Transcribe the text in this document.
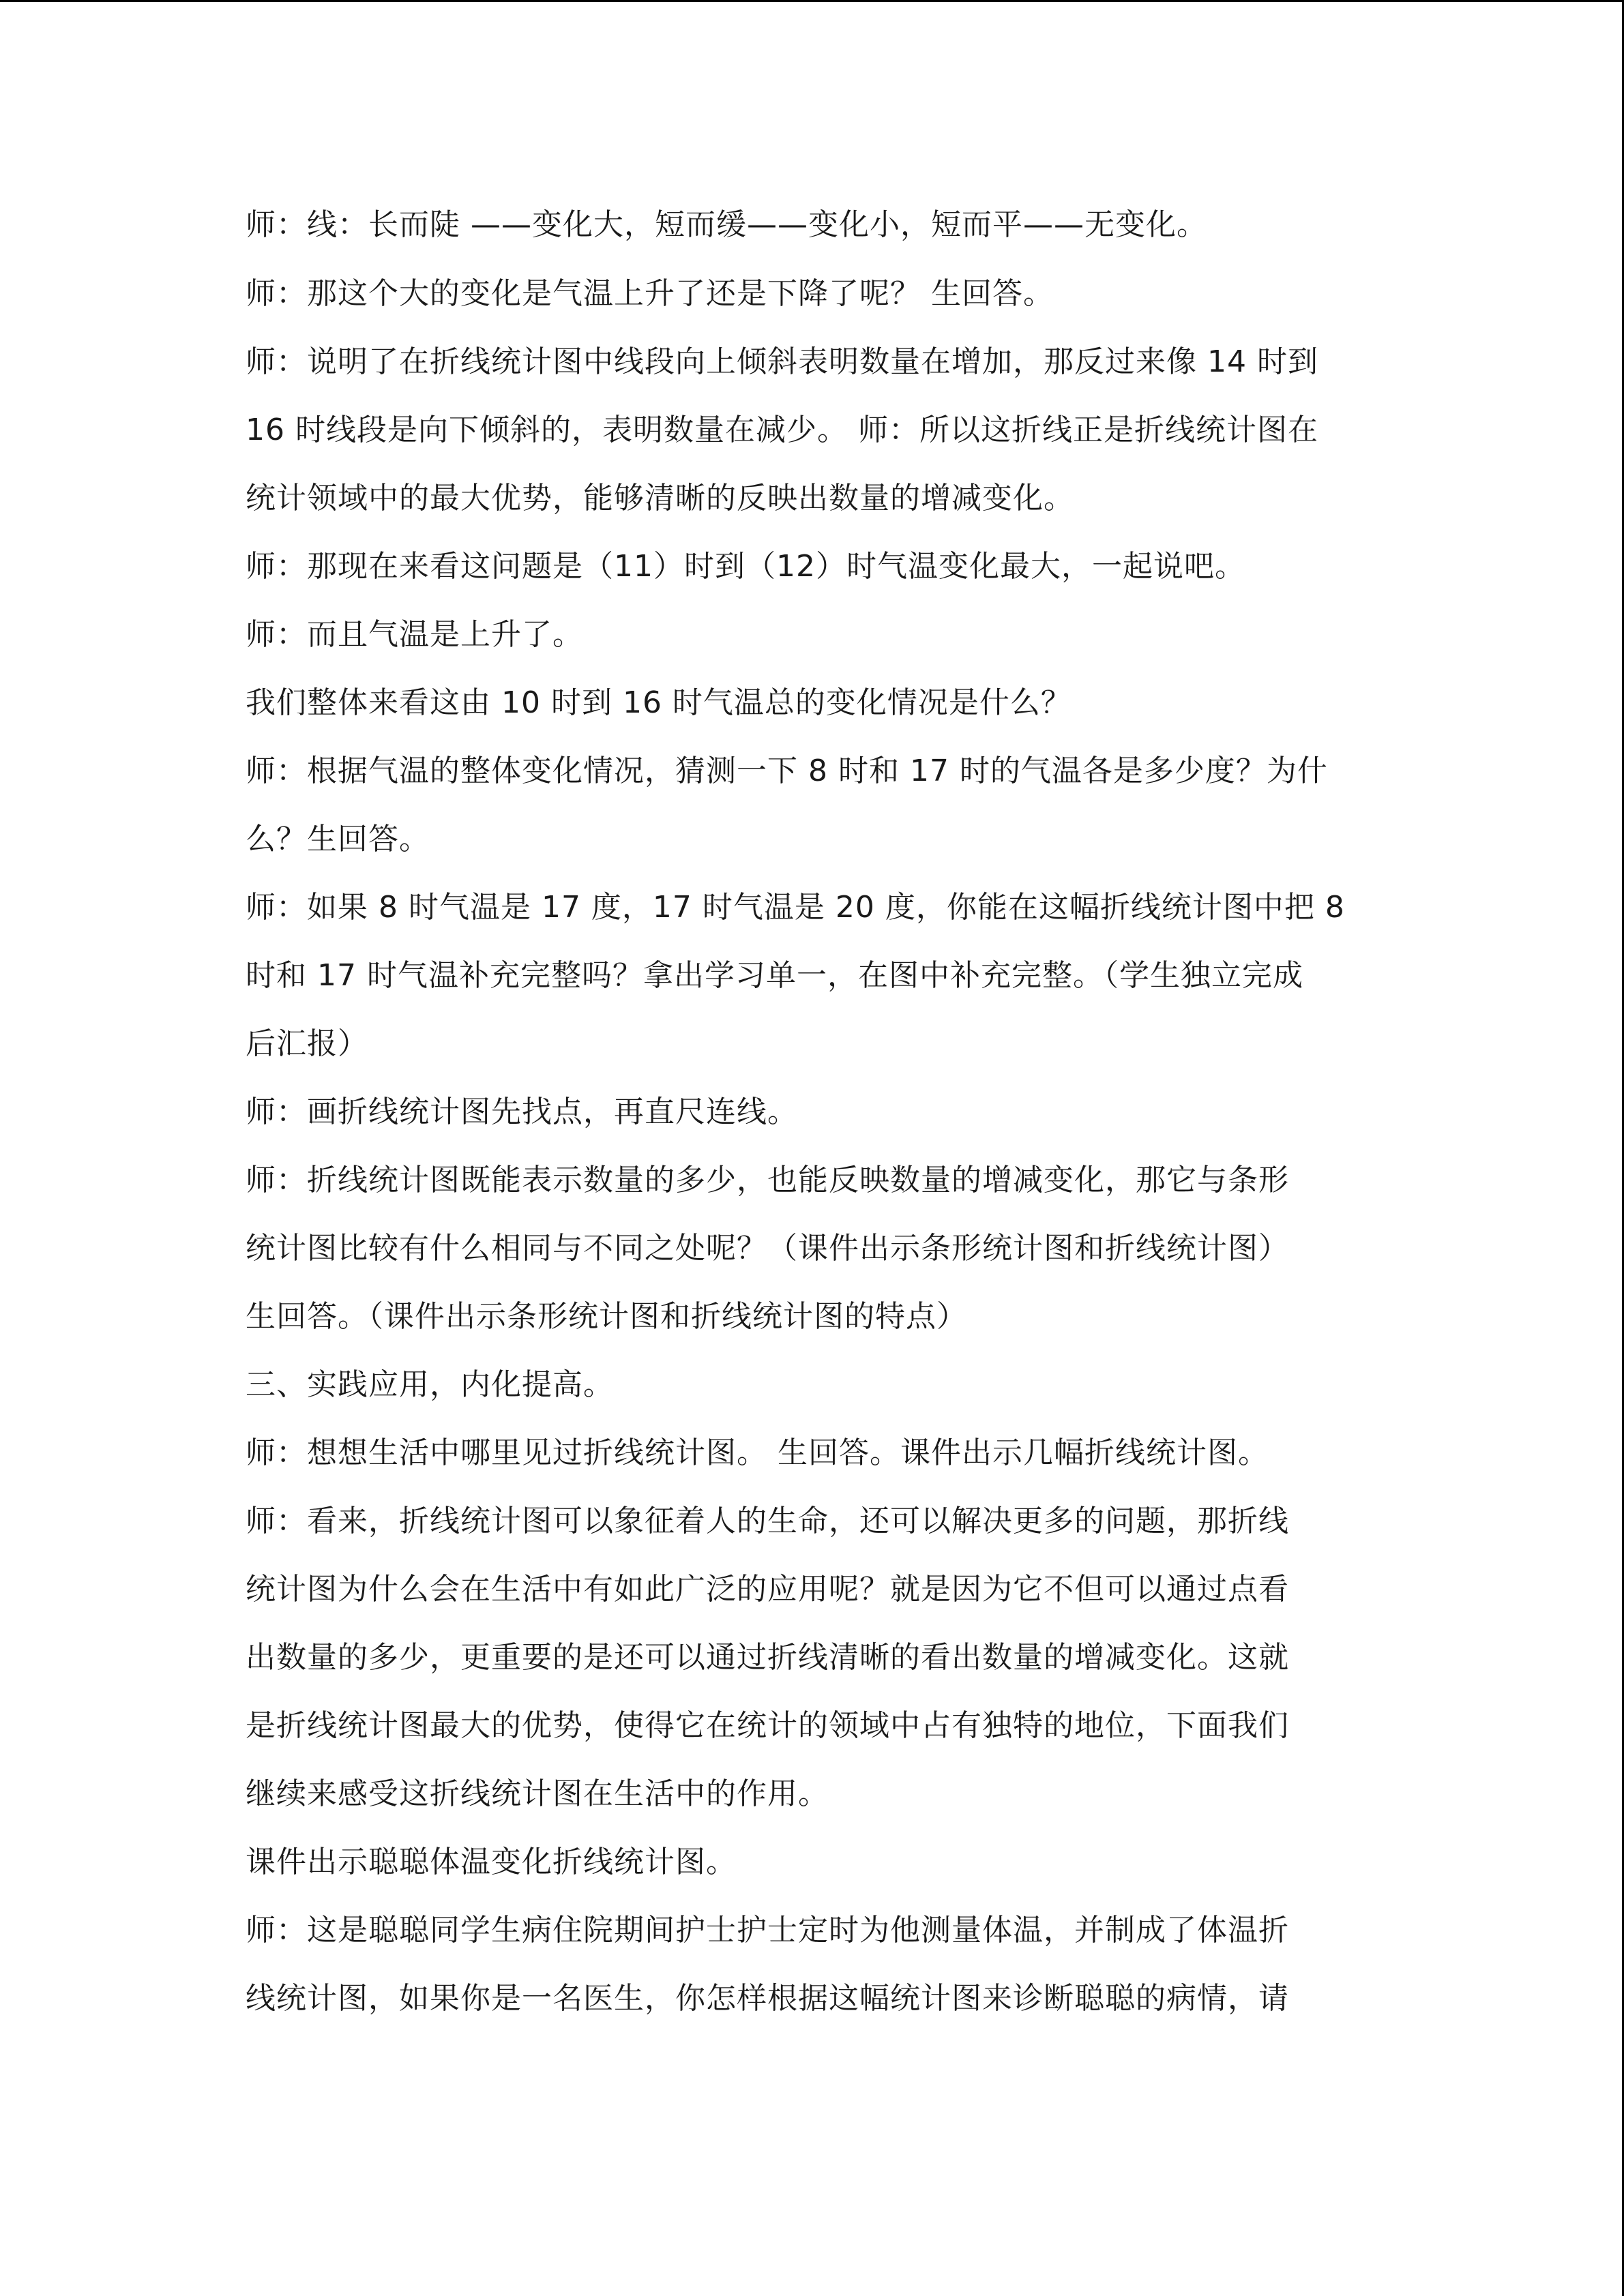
师：线：长而陡 ——变化大，短而缓——变化小，短而平——无变化。
师：那这个大的变化是气温上升了还是下降了呢？ 生回答。
师：说明了在折线统计图中线段向上倾斜表明数量在增加，那反过来像 14 时到
16 时线段是向下倾斜的，表明数量在减少。 师：所以这折线正是折线统计图在
统计领域中的最大优势，能够清晰的反映出数量的增减变化。
师：那现在来看这问题是（11）时到（12）时气温变化最大，一起说吧。
师：而且气温是上升了。
我们整体来看这由 10 时到 16 时气温总的变化情况是什么？
师：根据气温的整体变化情况，猜测一下 8 时和 17 时的气温各是多少度？为什
么？生回答。
师：如果 8 时气温是 17 度，17 时气温是 20 度，你能在这幅折线统计图中把 8
时和 17 时气温补充完整吗？拿出学习单一，在图中补充完整。（学生独立完成
后汇报）
师：画折线统计图先找点，再直尺连线。
师：折线统计图既能表示数量的多少，也能反映数量的增减变化，那它与条形
统计图比较有什么相同与不同之处呢？（课件出示条形统计图和折线统计图）
生回答。（课件出示条形统计图和折线统计图的特点）
三、实践应用，内化提高。
师：想想生活中哪里见过折线统计图。 生回答。课件出示几幅折线统计图。
师：看来，折线统计图可以象征着人的生命，还可以解决更多的问题，那折线
统计图为什么会在生活中有如此广泛的应用呢？就是因为它不但可以通过点看
出数量的多少，更重要的是还可以通过折线清晰的看出数量的增减变化。这就
是折线统计图最大的优势，使得它在统计的领域中占有独特的地位，下面我们
继续来感受这折线统计图在生活中的作用。
课件出示聪聪体温变化折线统计图。
师：这是聪聪同学生病住院期间护士护士定时为他测量体温，并制成了体温折
线统计图，如果你是一名医生，你怎样根据这幅统计图来诊断聪聪的病情，请
